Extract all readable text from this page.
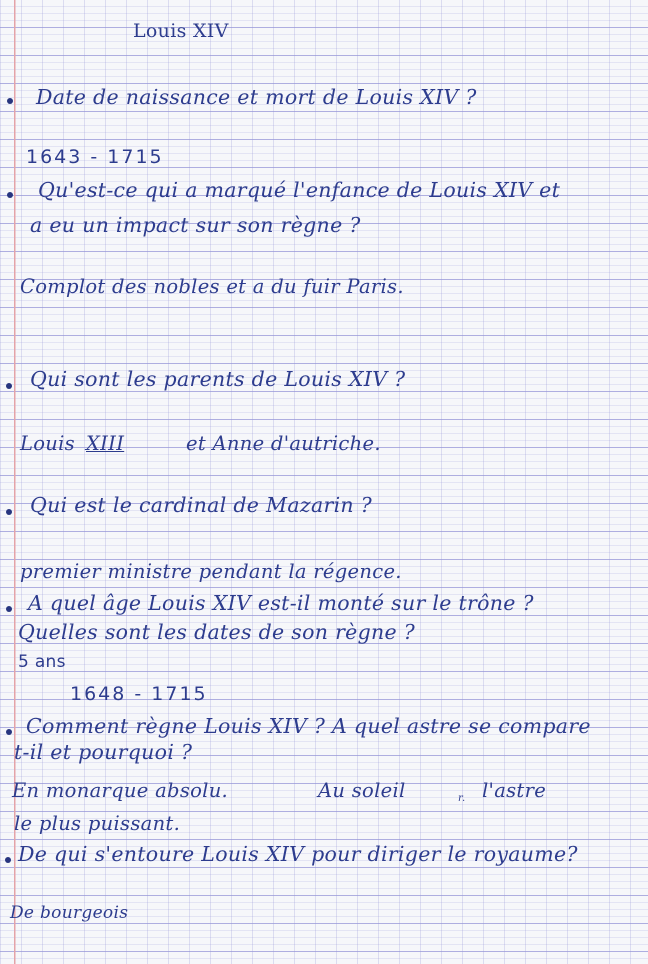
Louis XIV
Date de naissance et mort de Louis XIV ?
1643 - 1715
Qu'est-ce qui a marqué l'enfance de Louis XIV et
a eu un impact sur son règne ?
Complot des nobles et a du fuir Paris.
Qui sont les parents de Louis XIV ?
Louis XIII	et Anne d'autriche.
Qui est le cardinal de Mazarin ?
premier ministre pendant la régence.
A quel âge Louis XIV est-il monté sur le trône ?
Quelles sont les dates de son règne ?
5 ans
1648 - 1715
Comment règne Louis XIV ? A quel astre se compare
t-il et pourquoi ?
En monarque absolu.	Au soleil	r. l'astre
le plus puissant.
De qui s'entoure Louis XIV pour diriger le royaume?
De bourgeois
